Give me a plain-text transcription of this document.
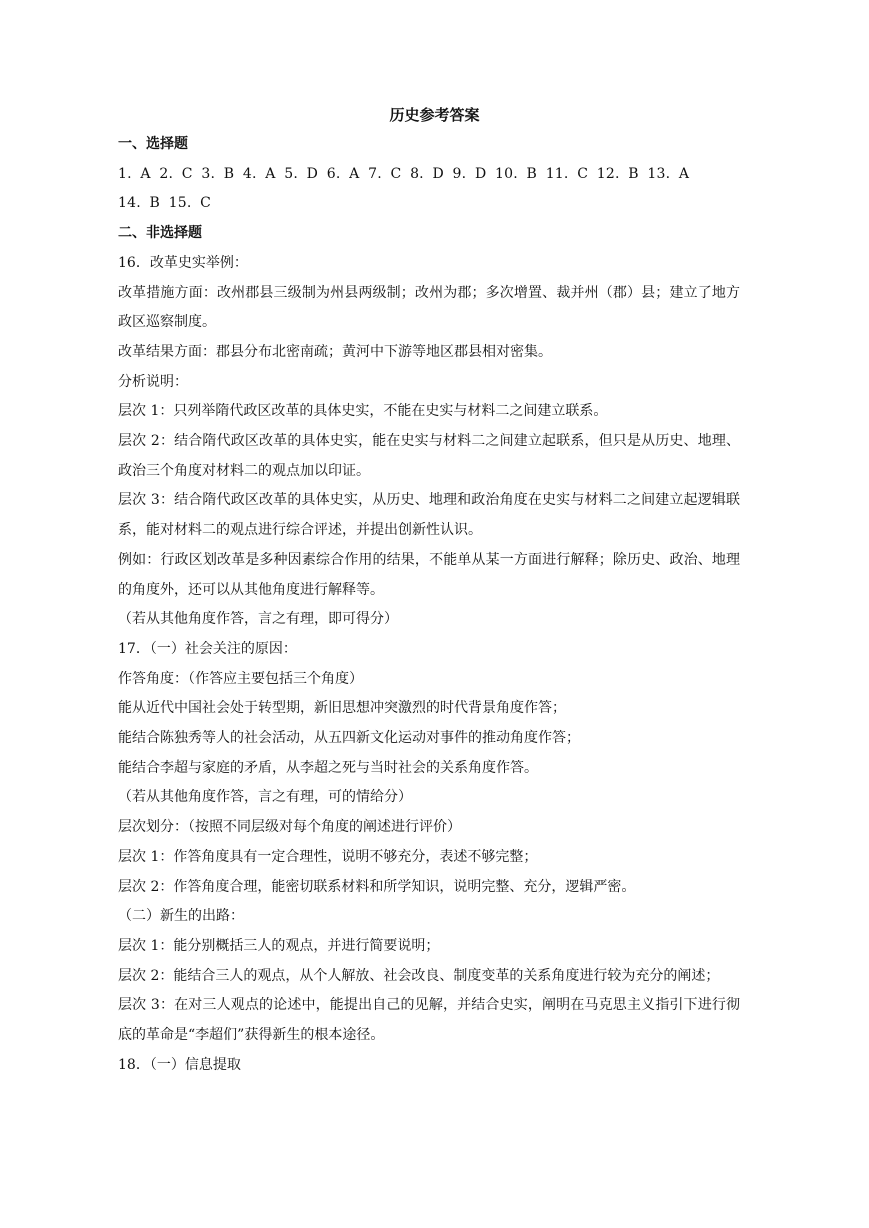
历史参考答案

一、选择题

1. A 2. C 3. B 4. A 5. D 6. A 7. C 8. D 9. D 10. B 11. C 12. B 13. A

14. B 15. C

二、非选择题

16．改革史实举例：

改革措施方面：改州郡县三级制为州县两级制；改州为郡；多次增置、裁并州（郡）县；建立了地方政区巡察制度。

改革结果方面：郡县分布北密南疏；黄河中下游等地区郡县相对密集。

分析说明：

层次 1：只列举隋代政区改革的具体史实，不能在史实与材料二之间建立联系。

层次 2：结合隋代政区改革的具体史实，能在史实与材料二之间建立起联系，但只是从历史、地理、政治三个角度对材料二的观点加以印证。

层次 3：结合隋代政区改革的具体史实，从历史、地理和政治角度在史实与材料二之间建立起逻辑联系，能对材料二的观点进行综合评述，并提出创新性认识。

例如：行政区划改革是多种因素综合作用的结果，不能单从某一方面进行解释；除历史、政治、地理的角度外，还可以从其他角度进行解释等。

（若从其他角度作答，言之有理，即可得分）

17．（一）社会关注的原因：

作答角度：（作答应主要包括三个角度）

能从近代中国社会处于转型期，新旧思想冲突激烈的时代背景角度作答；

能结合陈独秀等人的社会活动，从五四新文化运动对事件的推动角度作答；

能结合李超与家庭的矛盾，从李超之死与当时社会的关系角度作答。

（若从其他角度作答，言之有理，可的情给分）

层次划分：（按照不同层级对每个角度的阐述进行评价）

层次 1：作答角度具有一定合理性，说明不够充分，表述不够完整；

层次 2：作答角度合理，能密切联系材料和所学知识，说明完整、充分，逻辑严密。

（二）新生的出路：

层次 1：能分别概括三人的观点，并进行简要说明；

层次 2：能结合三人的观点，从个人解放、社会改良、制度变革的关系角度进行较为充分的阐述；

层次 3：在对三人观点的论述中，能提出自己的见解，并结合史实，阐明在马克思主义指引下进行彻底的革命是“李超们”获得新生的根本途径。

18．（一）信息提取
